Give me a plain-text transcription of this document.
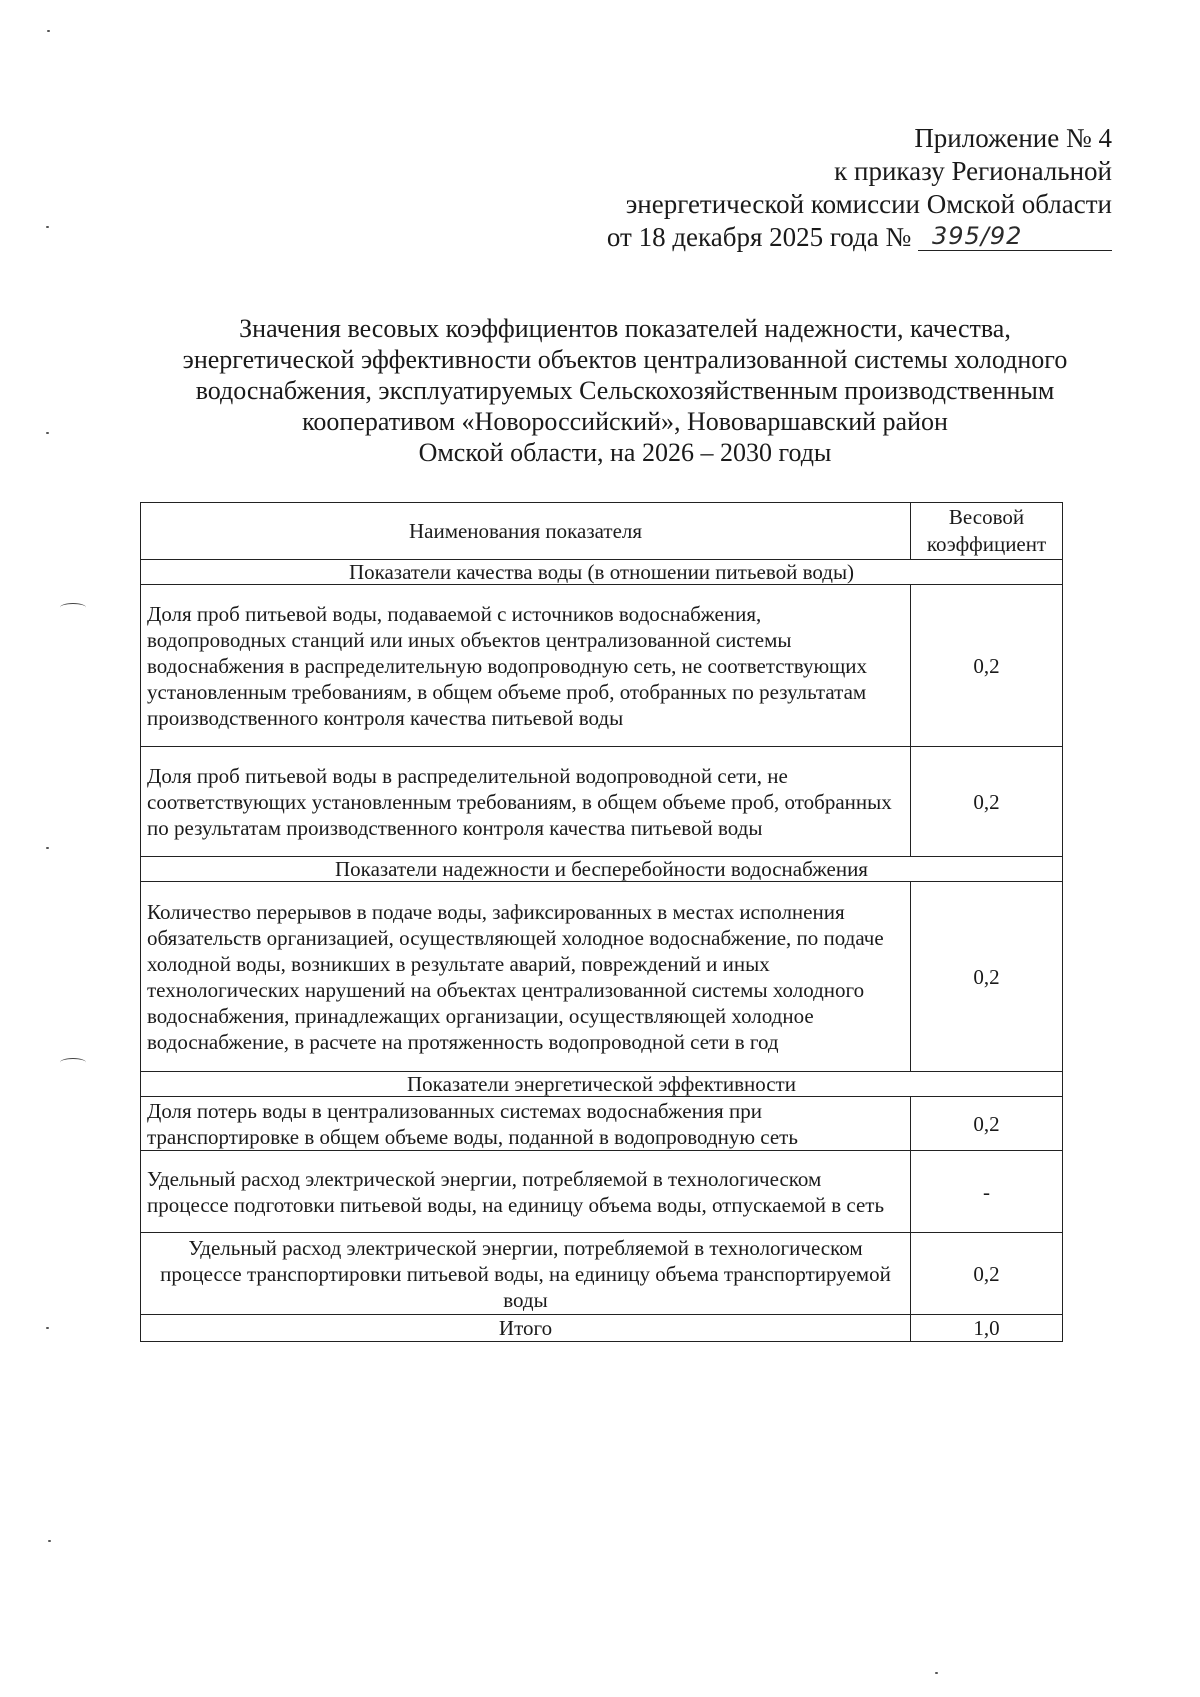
Приложение № 4
к приказу Региональной
энергетической комиссии Омской области
от 18 декабря 2025 года № 395/92
Значения весовых коэффициентов показателей надежности, качества,
энергетической эффективности объектов централизованной системы холодного
водоснабжения, эксплуатируемых Сельскохозяйственным производственным
кооперативом «Новороссийский», Нововаршавский район
Омской области, на 2026 – 2030 годы
Наименования показателя	Весовой коэффициент
Показатели качества воды (в отношении питьевой воды)	
Доля проб питьевой воды, подаваемой с источников водоснабжения, водопроводных станций или иных объектов централизованной системы водоснабжения в распределительную водопроводную сеть, не соответствующих установленным требованиям, в общем объеме проб, отобранных по результатам производственного контроля качества питьевой воды	0,2
Доля проб питьевой воды в распределительной водопроводной сети, не соответствующих установленным требованиям, в общем объеме проб, отобранных по результатам производственного контроля качества питьевой воды	0,2
Показатели надежности и бесперебойности водоснабжения	
Количество перерывов в подаче воды, зафиксированных в местах исполнения обязательств организацией, осуществляющей холодное водоснабжение, по подаче холодной воды, возникших в результате аварий, повреждений и иных технологических нарушений на объектах централизованной системы холодного водоснабжения, принадлежащих организации, осуществляющей холодное водоснабжение, в расчете на протяженность водопроводной сети в год	0,2
Показатели энергетической эффективности	
Доля потерь воды в централизованных системах водоснабжения при транспортировке в общем объеме воды, поданной в водопроводную сеть	0,2
Удельный расход электрической энергии, потребляемой в технологическом процессе подготовки питьевой воды, на единицу объема воды, отпускаемой в сеть	-
Удельный расход электрической энергии, потребляемой в технологическом процессе транспортировки питьевой воды, на единицу объема транспортируемой воды	0,2
Итого	1,0
